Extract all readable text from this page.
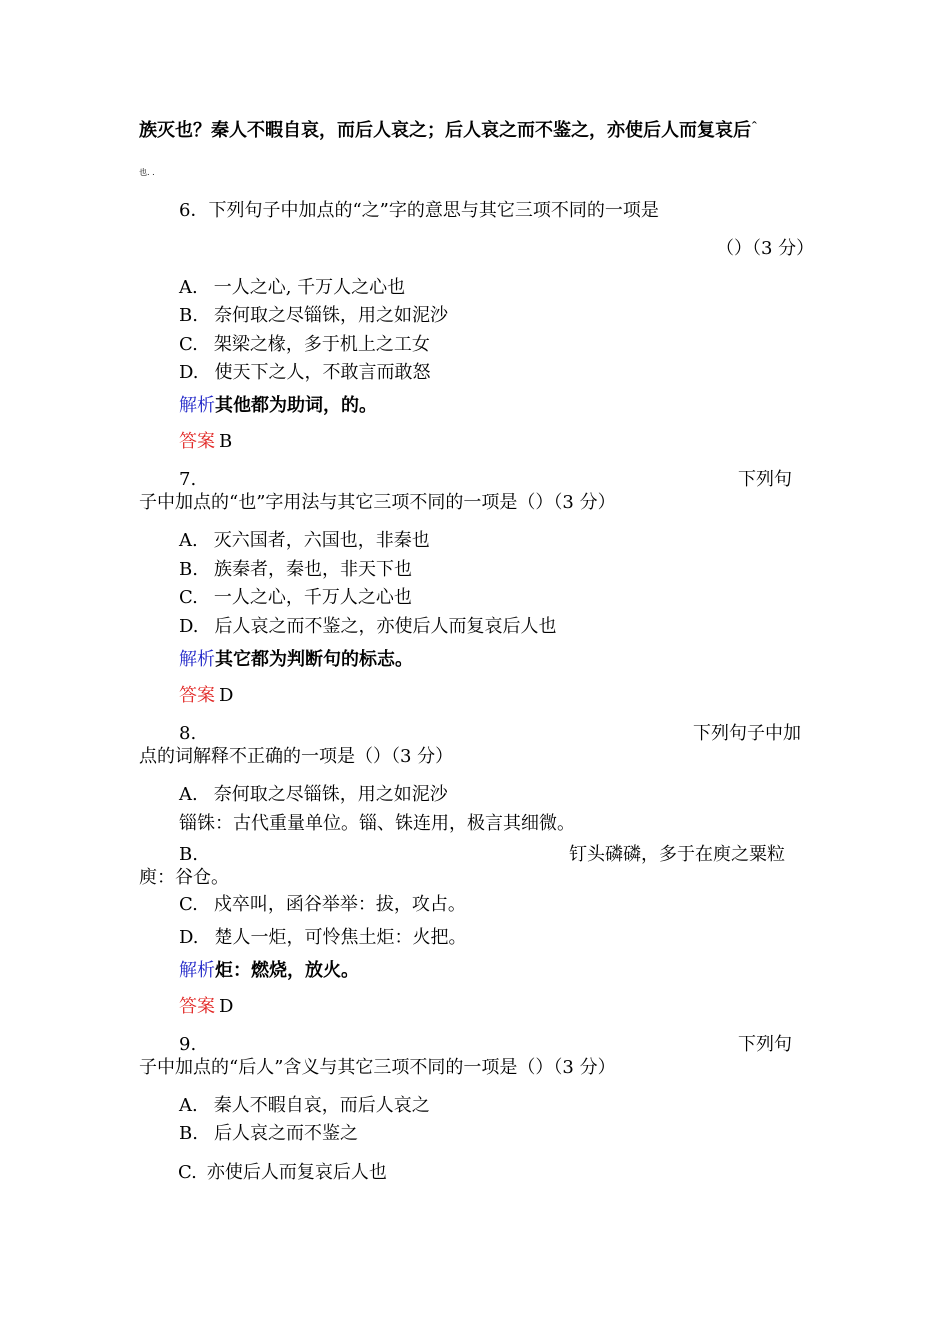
族灭也？秦人不暇自哀，而后人哀之；后人哀之而不鉴之，亦使后人而复哀后^
也. .
6．下列句子中加点的“之”字的意思与其它三项不同的一项是
（）（3 分）
A. 一人之心, 千万人之心也
B. 奈何取之尽锱铢，用之如泥沙
C. 架梁之椽，多于机上之工女
D. 使天下之人，不敢言而敢怒
解析其他都为助词，的。
答案 B
7.	下列句
子中加点的“也”字用法与其它三项不同的一项是（）（3 分）
A. 灭六国者，六国也，非秦也
B. 族秦者，秦也，非天下也
C. 一人之心，千万人之心也
D. 后人哀之而不鉴之，亦使后人而复哀后人也
解析其它都为判断句的标志。
答案 D
8.	下列句子中加
点的词解释不正确的一项是（）（3 分）
A. 奈何取之尽锱铢，用之如泥沙
锱铢：古代重量单位。锱、铢连用，极言其细微。
B.	钉头磷磷，多于在庾之粟粒
庾：谷仓。
C. 戍卒叫，函谷举举：拔，攻占。
D. 楚人一炬，可怜焦土炬：火把。
解析炬：燃烧，放火。
答案 D
9.	下列句
子中加点的“后人”含义与其它三项不同的一项是（）（3 分）
A. 秦人不暇自哀，而后人哀之
B. 后人哀之而不鉴之
C. 亦使后人而复哀后人也
